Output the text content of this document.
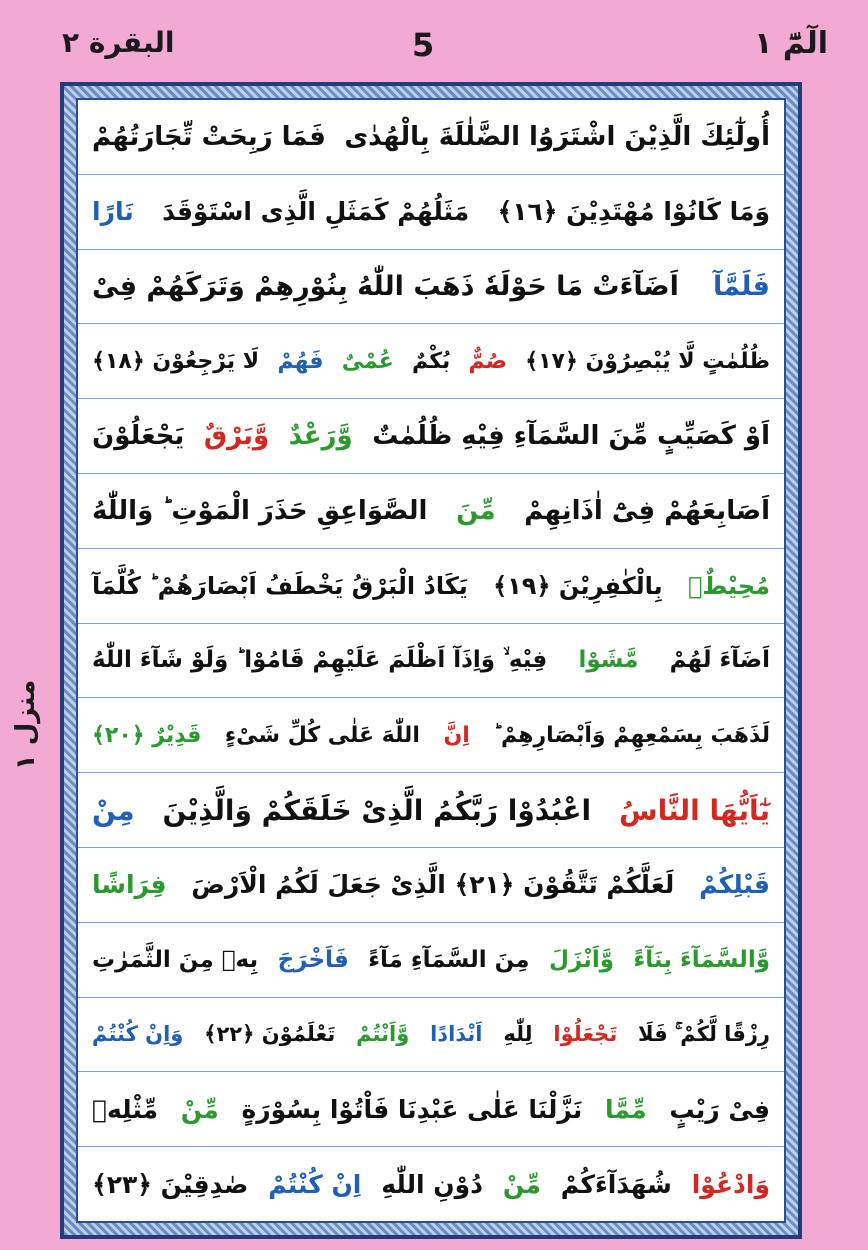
الٓمّٓ ١
5
البقرة ٢
منزل ١
أُولٰٓئِكَ الَّذِيْنَ اشْتَرَوُا الضَّلٰلَةَ بِالْهُدٰى
فَمَا رَبِحَتْ تِّجَارَتُهُمْ
وَمَا كَانُوْا مُهْتَدِيْنَ ﴿١٦﴾
مَثَلُهُمْ كَمَثَلِ الَّذِى اسْتَوْقَدَ
نَارًا
فَلَمَّآ
اَضَآءَتْ مَا حَوْلَهٗ ذَهَبَ اللّٰهُ بِنُوْرِهِمْ وَتَرَكَهُمْ فِىْ
ظُلُمٰتٍ لَّا يُبْصِرُوْنَ ﴿١٧﴾
صُمٌّ
بُكْمٌ
عُمْىٌ
فَهُمْ
لَا يَرْجِعُوْنَ ﴿١٨﴾
اَوْ كَصَيِّبٍ مِّنَ السَّمَآءِ فِيْهِ ظُلُمٰتٌ
وَّرَعْدٌ
وَّبَرْقٌ
يَجْعَلُوْنَ
اَصَابِعَهُمْ فِىْٓ اٰذَانِهِمْ
مِّنَ
الصَّوَاعِقِ حَذَرَ الْمَوْتِ ؕ وَاللّٰهُ
مُحِيْطٌۢ
بِالْكٰفِرِيْنَ ﴿١٩﴾
يَكَادُ الْبَرْقُ يَخْطَفُ اَبْصَارَهُمْ ؕ كُلَّمَآ
اَضَآءَ لَهُمْ
مَّشَوْا
فِيْهِ ۙ وَاِذَآ اَظْلَمَ عَلَيْهِمْ قَامُوْا ؕ وَلَوْ شَآءَ اللّٰهُ
لَذَهَبَ بِسَمْعِهِمْ وَاَبْصَارِهِمْ ؕ
اِنَّ
اللّٰهَ عَلٰى كُلِّ شَىْءٍ
قَدِيْرٌ ﴿٢٠﴾
يٰٓاَيُّهَا النَّاسُ
اعْبُدُوْا رَبَّكُمُ الَّذِىْ خَلَقَكُمْ وَالَّذِيْنَ
مِنْ
قَبْلِكُمْ
لَعَلَّكُمْ تَتَّقُوْنَ ﴿٢١﴾ الَّذِىْ جَعَلَ لَكُمُ الْاَرْضَ
فِرَاشًا
وَّالسَّمَآءَ بِنَآءً
وَّاَنْزَلَ
مِنَ السَّمَآءِ مَآءً
فَاَخْرَجَ
بِهٖ مِنَ الثَّمَرٰتِ
رِزْقًا لَّكُمْ ۚ فَلَا
تَجْعَلُوْا
لِلّٰهِ
اَنْدَادًا
وَّاَنْتُمْ
تَعْلَمُوْنَ ﴿٢٢﴾
وَاِنْ كُنْتُمْ
فِىْ رَيْبٍ
مِّمَّا
نَزَّلْنَا عَلٰى عَبْدِنَا فَاْتُوْا بِسُوْرَةٍ
مِّنْ
مِّثْلِهٖ
وَادْعُوْا
شُهَدَآءَكُمْ
مِّنْ
دُوْنِ اللّٰهِ
اِنْ كُنْتُمْ
صٰدِقِيْنَ ﴿٢٣﴾
